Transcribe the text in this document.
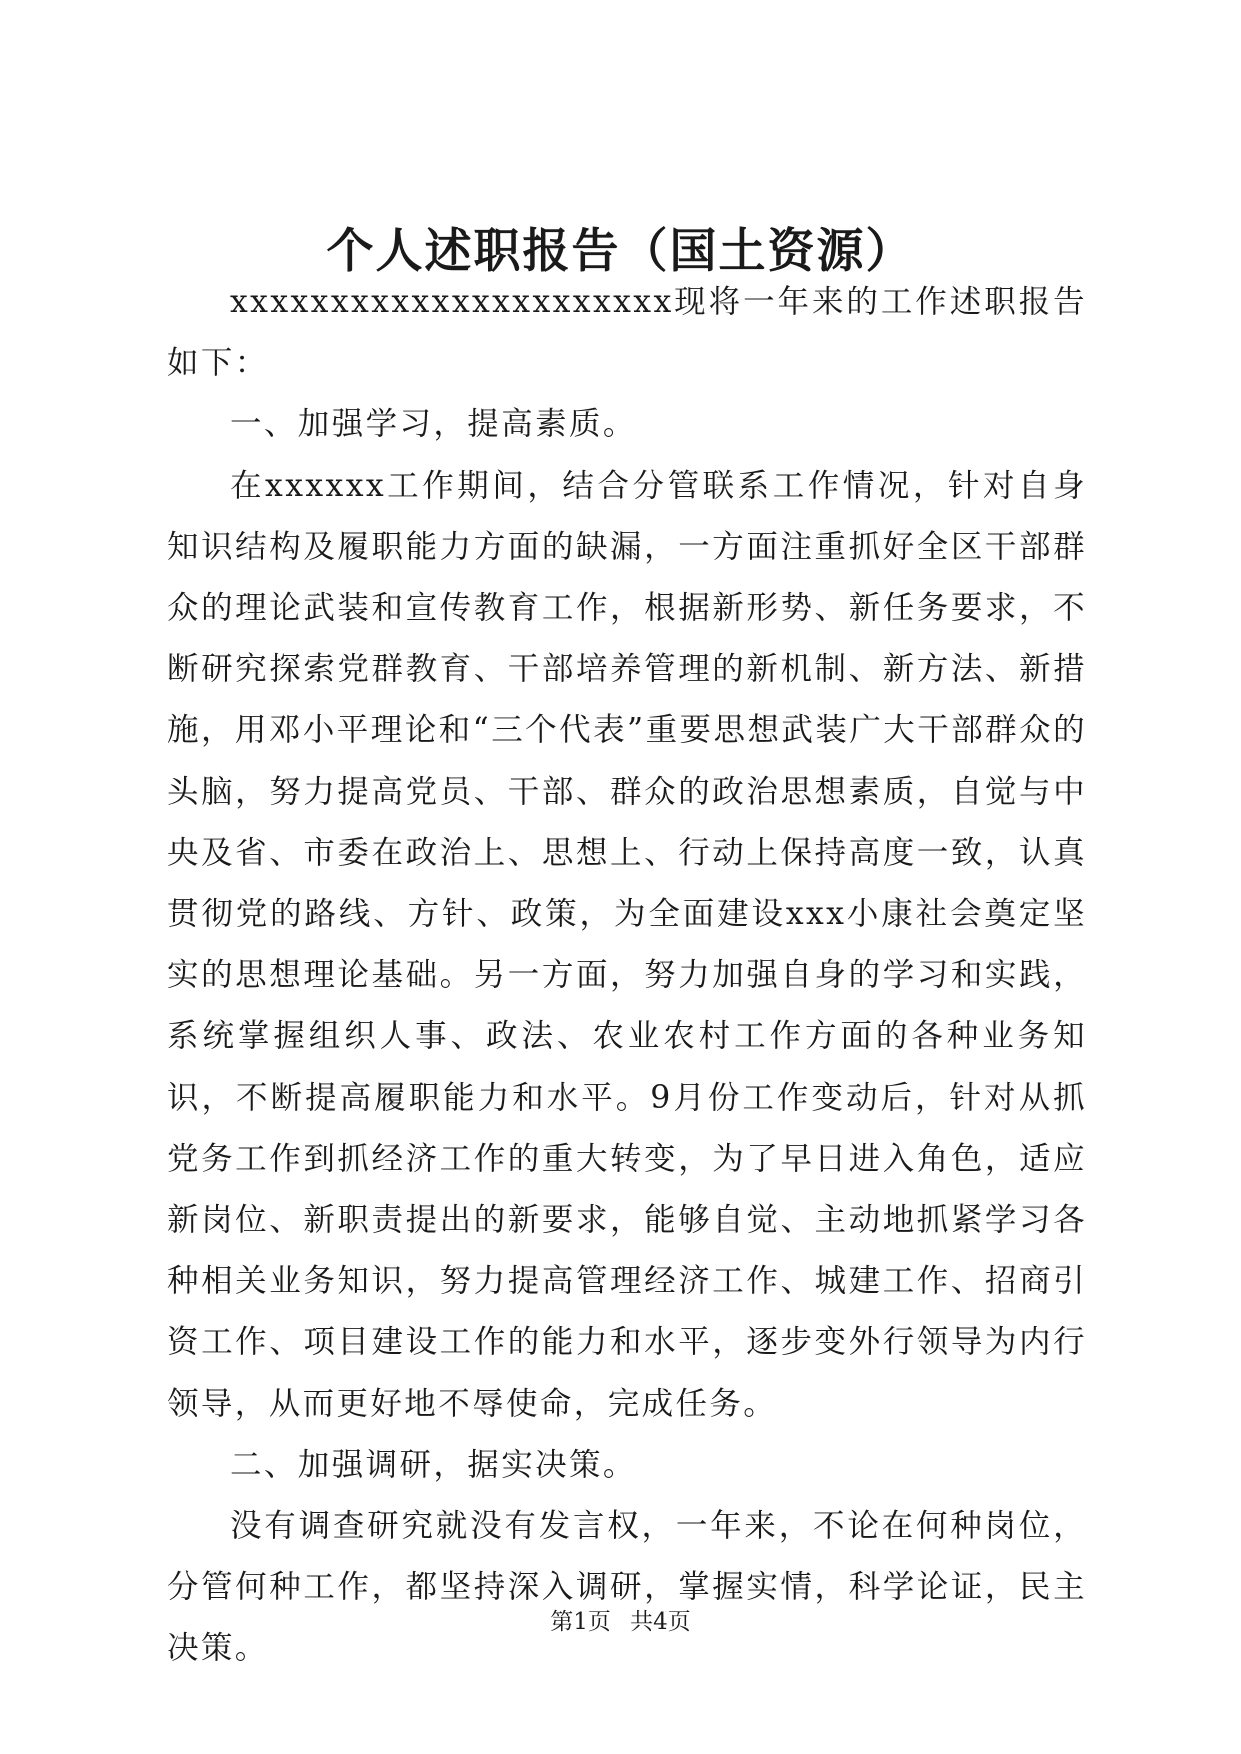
个人述职报告（国土资源）

xxxxxxxxxxxxxxxxxxxxxx现将一年来的工作述职报告如下：

一、加强学习，提高素质。

在xxxxxx工作期间，结合分管联系工作情况，针对自身知识结构及履职能力方面的缺漏，一方面注重抓好全区干部群众的理论武装和宣传教育工作，根据新形势、新任务要求，不断研究探索党群教育、干部培养管理的新机制、新方法、新措施，用邓小平理论和“三个代表”重要思想武装广大干部群众的头脑，努力提高党员、干部、群众的政治思想素质，自觉与中央及省、市委在政治上、思想上、行动上保持高度一致，认真贯彻党的路线、方针、政策，为全面建设xxx小康社会奠定坚实的思想理论基础。另一方面，努力加强自身的学习和实践，系统掌握组织人事、政法、农业农村工作方面的各种业务知识，不断提高履职能力和水平。9月份工作变动后，针对从抓党务工作到抓经济工作的重大转变，为了早日进入角色，适应新岗位、新职责提出的新要求，能够自觉、主动地抓紧学习各种相关业务知识，努力提高管理经济工作、城建工作、招商引资工作、项目建设工作的能力和水平，逐步变外行领导为内行领导，从而更好地不辱使命，完成任务。

二、加强调研，据实决策。

没有调查研究就没有发言权，一年来，不论在何种岗位，分管何种工作，都坚持深入调研，掌握实情，科学论证，民主决策。

第1页 共4页
